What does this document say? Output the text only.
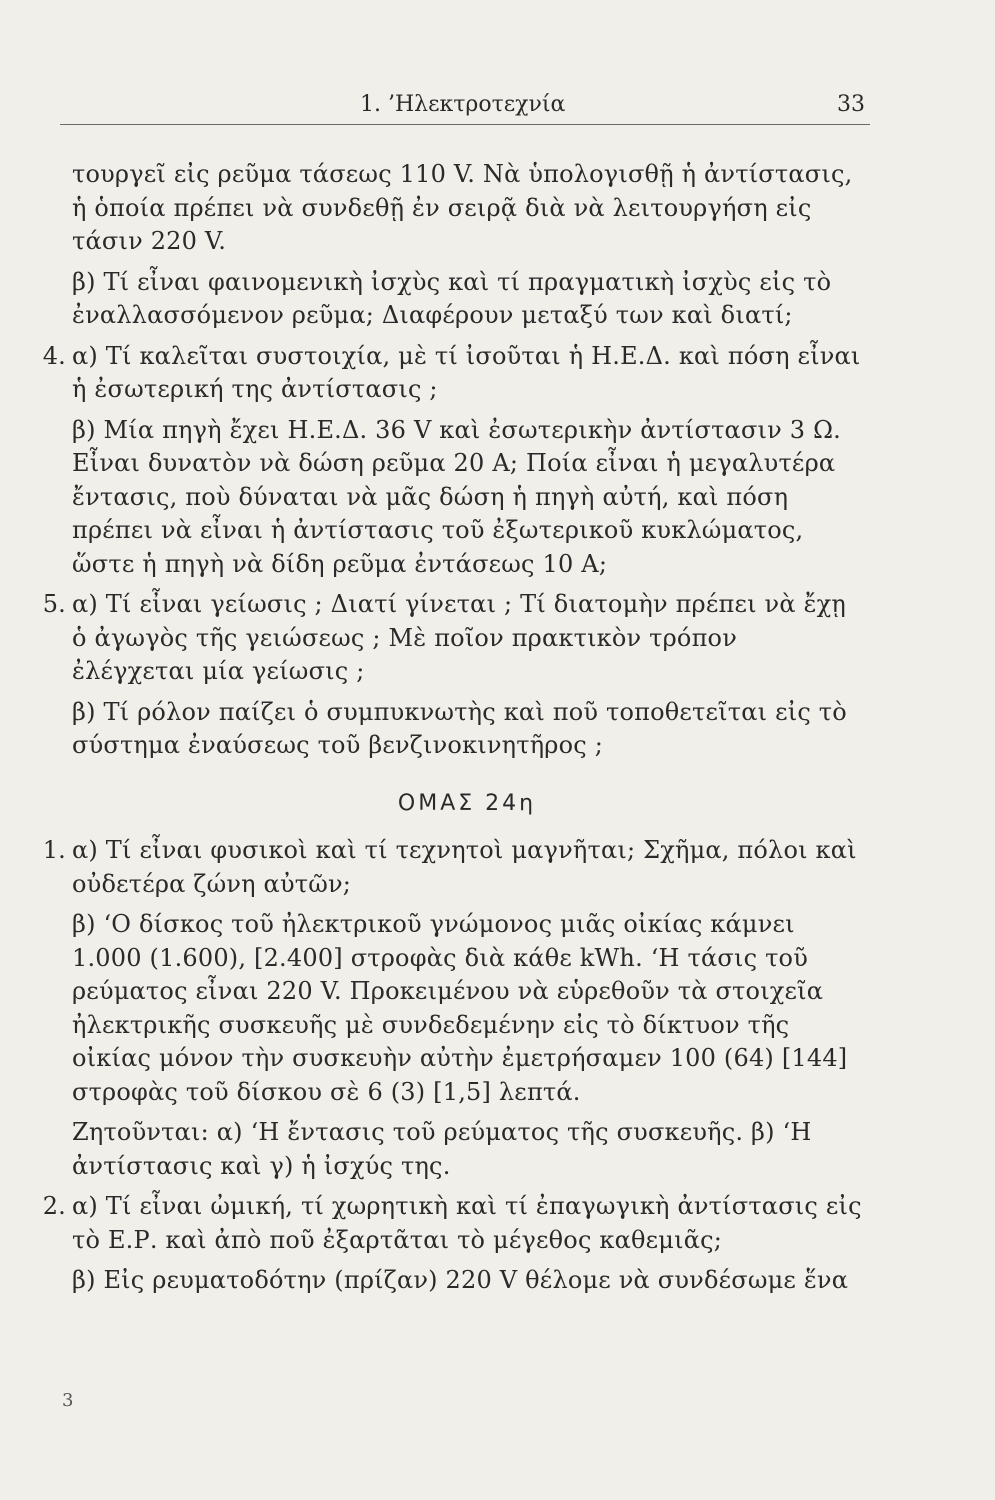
1. ’Ηλεκτροτεχνία	33

τουργεῖ εἰς ρεῦμα τάσεως 110 V. Νὰ ὑπολογισθῇ ἡ ἀντίστασις, ἡ ὁποία πρέπει νὰ συνδεθῇ ἐν σειρᾷ διὰ νὰ λειτουργήση εἰς τάσιν 220 V.

β) Τί εἶναι φαινομενικὴ ἰσχὺς καὶ τί πραγματικὴ ἰσχὺς εἰς τὸ ἐναλλασσόμενον ρεῦμα; Διαφέρουν μεταξύ των καὶ διατί;

4. α) Τί καλεῖται συστοιχία, μὲ τί ἰσοῦται ἡ Η.Ε.Δ. καὶ πόση εἶναι ἡ ἐσωτερική της ἀντίστασις ;

β) Μία πηγὴ ἔχει Η.Ε.Δ. 36 V καὶ ἐσωτερικὴν ἀντίστασιν 3 Ω. Εἶναι δυνατὸν νὰ δώση ρεῦμα 20 Α; Ποία εἶναι ἡ μεγαλυτέρα ἔντασις, ποὺ δύναται νὰ μᾶς δώση ἡ πηγὴ αὐτή, καὶ πόση πρέπει νὰ εἶναι ἡ ἀντίστασις τοῦ ἐξωτερικοῦ κυκλώματος, ὥστε ἡ πηγὴ νὰ δίδη ρεῦμα ἐντάσεως 10 Α;

5. α) Τί εἶναι γείωσις ; Διατί γίνεται ; Τί διατομὴν πρέπει νὰ ἔχῃ ὁ ἀγωγὸς τῆς γειώσεως ; Μὲ ποῖον πρακτικὸν τρόπον ἐλέγχεται μία γείωσις ;

β) Τί ρόλον παίζει ὁ συμπυκνωτὴς καὶ ποῦ τοποθετεῖται εἰς τὸ σύστημα ἐναύσεως τοῦ βενζινοκινητῆρος ;

ΟΜΑΣ 24η
1. α) Τί εἶναι φυσικοὶ καὶ τί τεχνητοὶ μαγνῆται; Σχῆμα, πόλοι καὶ οὐδετέρα ζώνη αὐτῶν;

β) ‘Ο δίσκος τοῦ ἠλεκτρικοῦ γνώμονος μιᾶς οἰκίας κάμνει 1.000 (1.600), [2.400] στροφὰς διὰ κάθε kWh. ‘Η τάσις τοῦ ρεύματος εἶναι 220 V. Προκειμένου νὰ εὑρεθοῦν τὰ στοιχεῖα ἠλεκτρικῆς συσκευῆς μὲ συνδεδεμένην εἰς τὸ δίκτυον τῆς οἰκίας μόνον τὴν συσκευὴν αὐτὴν ἐμετρήσαμεν 100 (64) [144] στροφὰς τοῦ δίσκου σὲ 6 (3) [1,5] λεπτά.

Ζητοῦνται: α) ‘Η ἔντασις τοῦ ρεύματος τῆς συσκευῆς. β) ‘Η ἀντίστασις καὶ γ) ἡ ἰσχύς της.

2. α) Τί εἶναι ὠμική, τί χωρητικὴ καὶ τί ἐπαγωγικὴ ἀντίστασις εἰς τὸ Ε.Ρ. καὶ ἀπὸ ποῦ ἐξαρτᾶται τὸ μέγεθος καθεμιᾶς;

β) Εἰς ρευματοδότην (πρίζαν) 220 V θέλομε νὰ συνδέσωμε ἕνα

3
